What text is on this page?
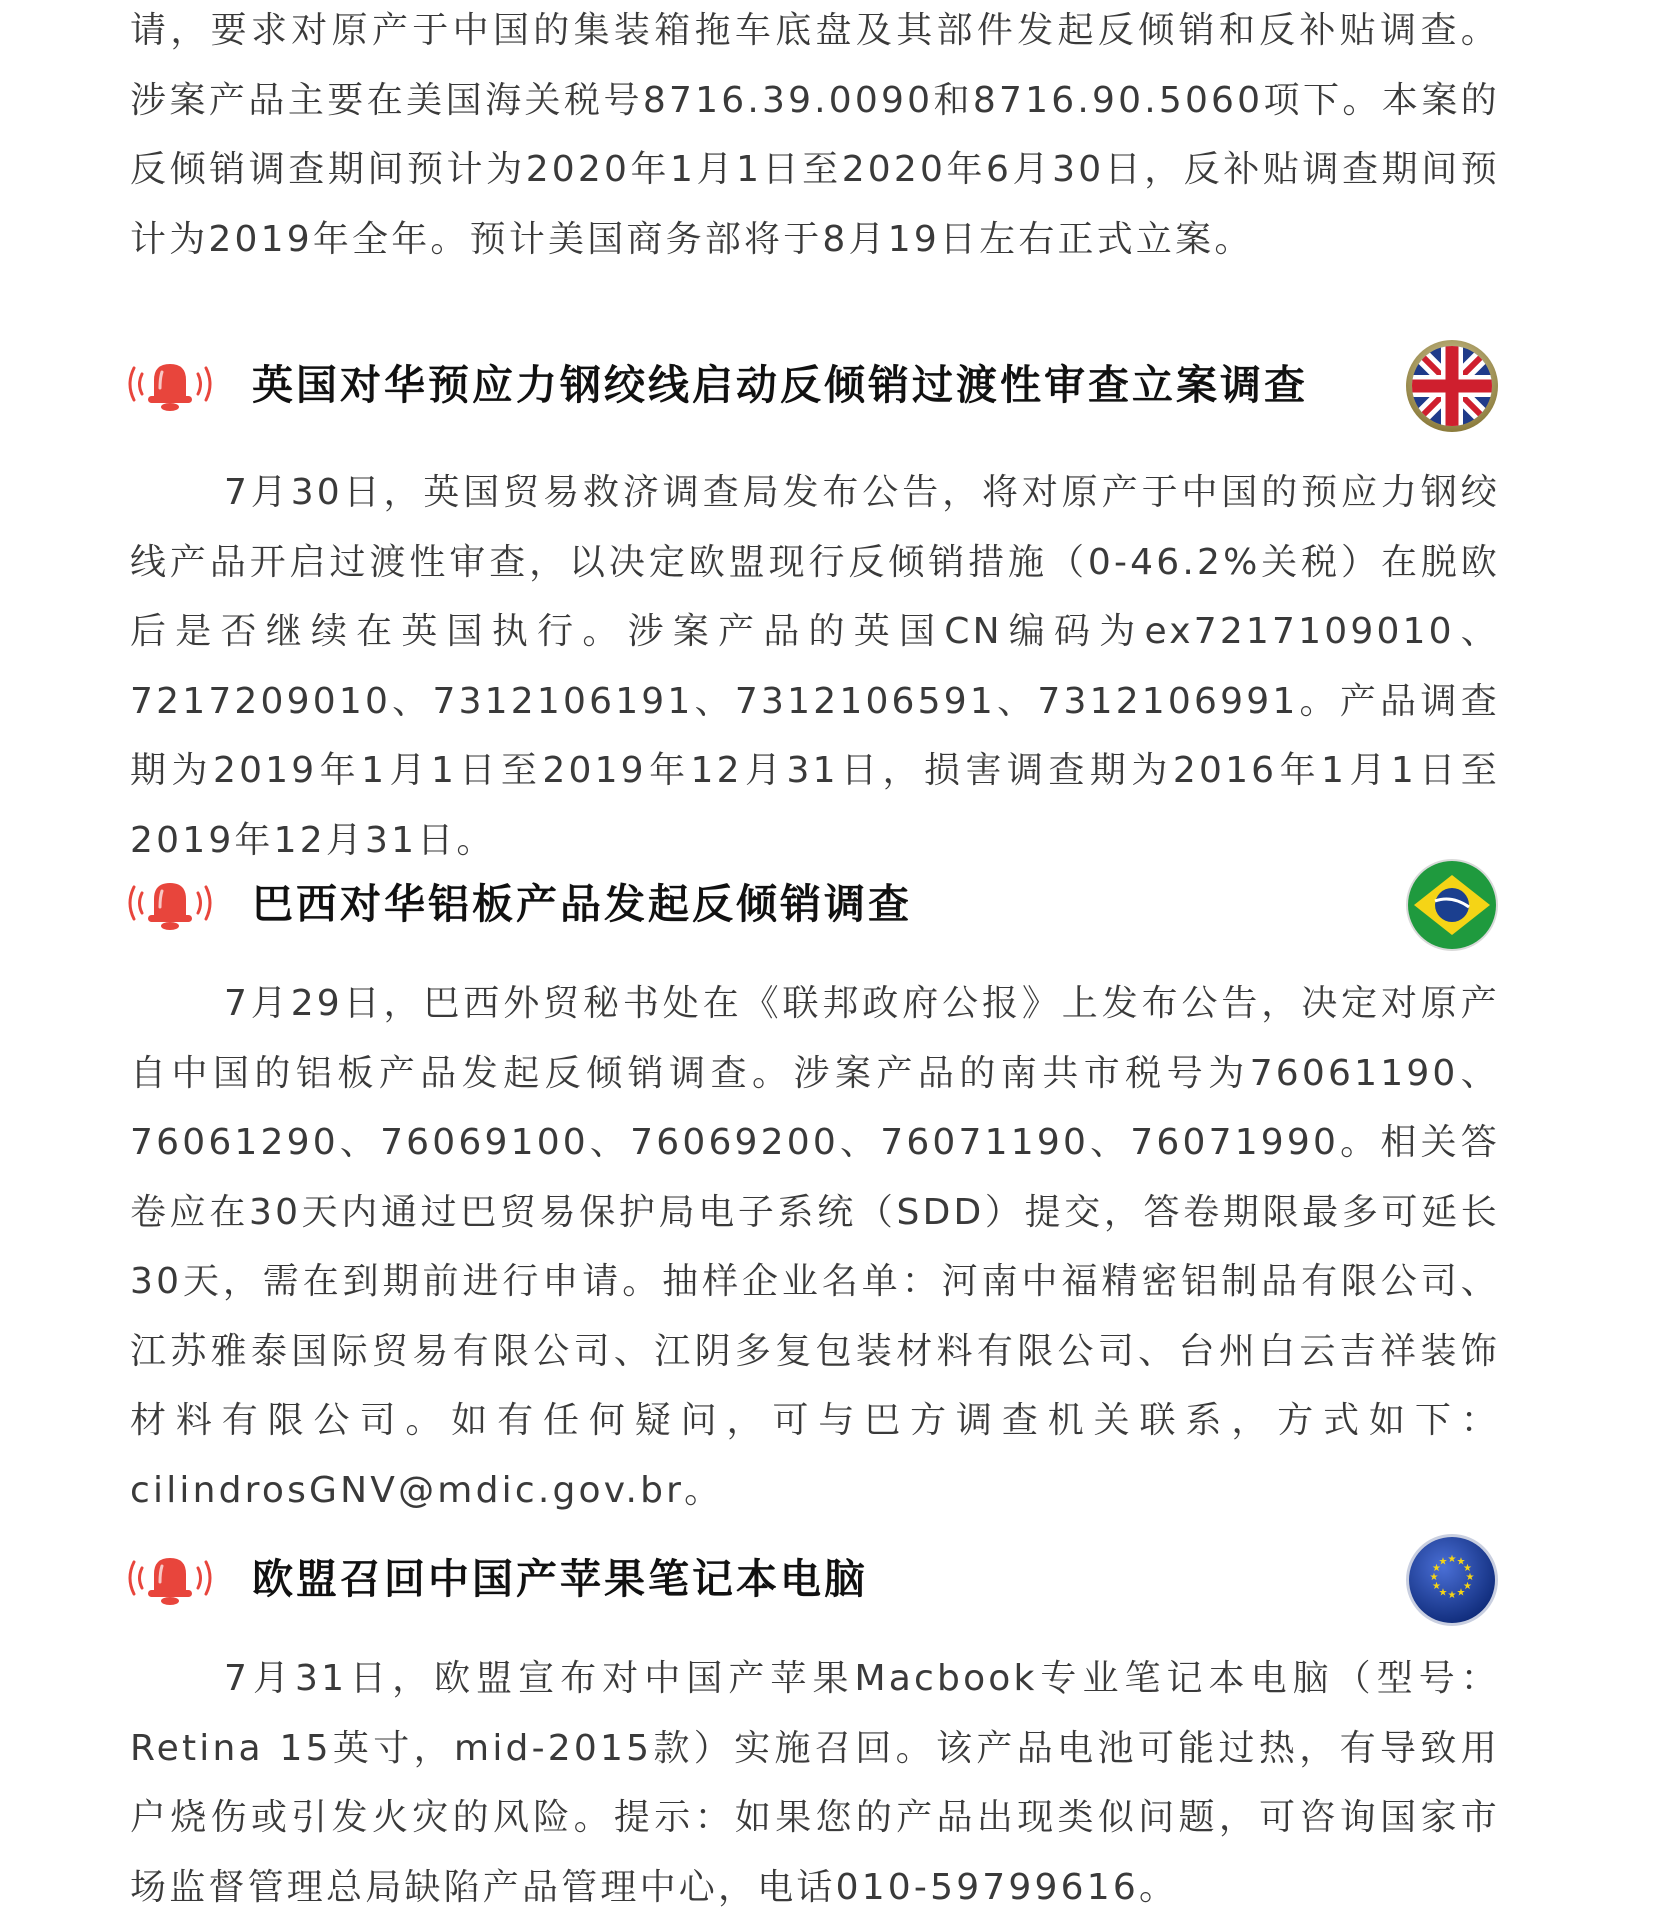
请，要求对原产于中国的集装箱拖车底盘及其部件发起反倾销和反补贴调查。涉案产品主要在美国海关税号8716.39.0090和8716.90.5060项下。本案的反倾销调查期间预计为2020年1月1日至2020年6月30日，反补贴调查期间预计为2019年全年。预计美国商务部将于8月19日左右正式立案。

英国对华预应力钢绞线启动反倾销过渡性审查立案调查

7月30日，英国贸易救济调查局发布公告，将对原产于中国的预应力钢绞线产品开启过渡性审查，以决定欧盟现行反倾销措施（0-46.2%关税）在脱欧后是否继续在英国执行。涉案产品的英国CN编码为ex7217109010、7217209010、7312106191、7312106591、7312106991。产品调查期为2019年1月1日至2019年12月31日，损害调查期为2016年1月1日至2019年12月31日。

巴西对华铝板产品发起反倾销调查

7月29日，巴西外贸秘书处在《联邦政府公报》上发布公告，决定对原产自中国的铝板产品发起反倾销调查。涉案产品的南共市税号为76061190、76061290、76069100、76069200、76071190、76071990。相关答卷应在30天内通过巴贸易保护局电子系统（SDD）提交，答卷期限最多可延长30天，需在到期前进行申请。抽样企业名单：河南中福精密铝制品有限公司、江苏雅泰国际贸易有限公司、江阴多复包装材料有限公司、台州白云吉祥装饰材料有限公司。如有任何疑问，可与巴方调查机关联系，方式如下：cilindrosGNV@mdic.gov.br。

欧盟召回中国产苹果笔记本电脑	★ ★
★
★
★
★
★
★
★
★
★
★

7月31日，欧盟宣布对中国产苹果Macbook专业笔记本电脑（型号：Retina 15英寸，mid-2015款）实施召回。该产品电池可能过热，有导致用户烧伤或引发火灾的风险。提示：如果您的产品出现类似问题，可咨询国家市场监督管理总局缺陷产品管理中心，电话010-59799616。
